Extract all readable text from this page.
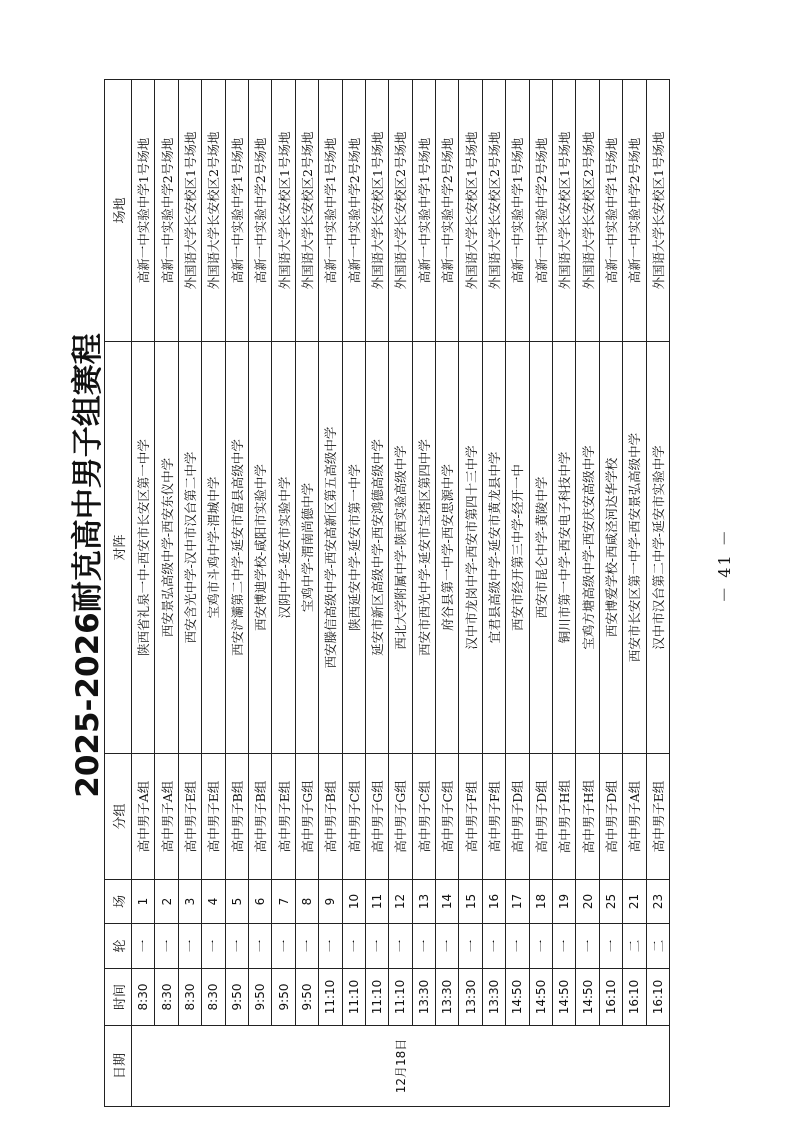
2025-2026耐克高中男子组赛程
日期	时间	轮	场	分组	对阵	场地
12月18日	8:30	一	1	高中男子A组	陕西省礼泉一中-西安市长安区第一中学	高新一中实验中学1号场地
	8:30	一	2	高中男子A组	西安景弘高级中学-西安东仪中学	高新一中实验中学2号场地
	8:30	一	3	高中男子E组	西安含光中学-汉中市汉台第二中学	外国语大学长安校区1号场地
	8:30	一	4	高中男子E组	宝鸡市斗鸡中学-渭城中学	外国语大学长安校区2号场地
	9:50	一	5	高中男子B组	西安浐灞第二中学-延安市富县高级中学	高新一中实验中学1号场地
	9:50	一	6	高中男子B组	西安博迪学校-咸阳市实验中学	高新一中实验中学2号场地
	9:50	一	7	高中男子E组	汉阴中学-延安市实验中学	外国语大学长安校区1号场地
	9:50	一	8	高中男子G组	宝鸡中学-渭南尚德中学	外国语大学长安校区2号场地
	11:10	一	9	高中男子B组	西安滕信高级中学-西安高新区第五高级中学	高新一中实验中学1号场地
	11:10	一	10	高中男子C组	陕西延安中学-延安市第一中学	高新一中实验中学2号场地
	11:10	一	11	高中男子G组	延安市新区高级中学-西安鸿德高级中学	外国语大学长安校区1号场地
	11:10	一	12	高中男子G组	西北大学附属中学-陕西实验高级中学	外国语大学长安校区2号场地
	13:30	一	13	高中男子C组	西安市西光中学-延安市宝塔区第四中学	高新一中实验中学1号场地
	13:30	一	14	高中男子C组	府谷县第一中学-西安思源中学	高新一中实验中学2号场地
	13:30	一	15	高中男子F组	汉中市龙岗中学-西安市第四十三中学	外国语大学长安校区1号场地
	13:30	一	16	高中男子F组	宜君县高级中学-延安市黄龙县中学	外国语大学长安校区2号场地
	14:50	一	17	高中男子D组	西安市经开第三中学-经开一中	高新一中实验中学1号场地
	14:50	一	18	高中男子D组	西安市昆仑中学-黄陵中学	高新一中实验中学2号场地
	14:50	一	19	高中男子H组	铜川市第一中学-西安电子科技中学	外国语大学长安校区1号场地
	14:50	一	20	高中男子H组	宝鸡方塘高级中学-西安庆安高级中学	外国语大学长安校区2号场地
	16:10	一	25	高中男子D组	西安博爱学校-西咸泾河达华学校	高新一中实验中学1号场地
	16:10	二	21	高中男子A组	西安市长安区第一中学-西安景弘高级中学	高新一中实验中学2号场地
	16:10	二	23	高中男子E组	汉中市汉台第二中学-延安市实验中学	外国语大学长安校区1号场地
－ 41 －
